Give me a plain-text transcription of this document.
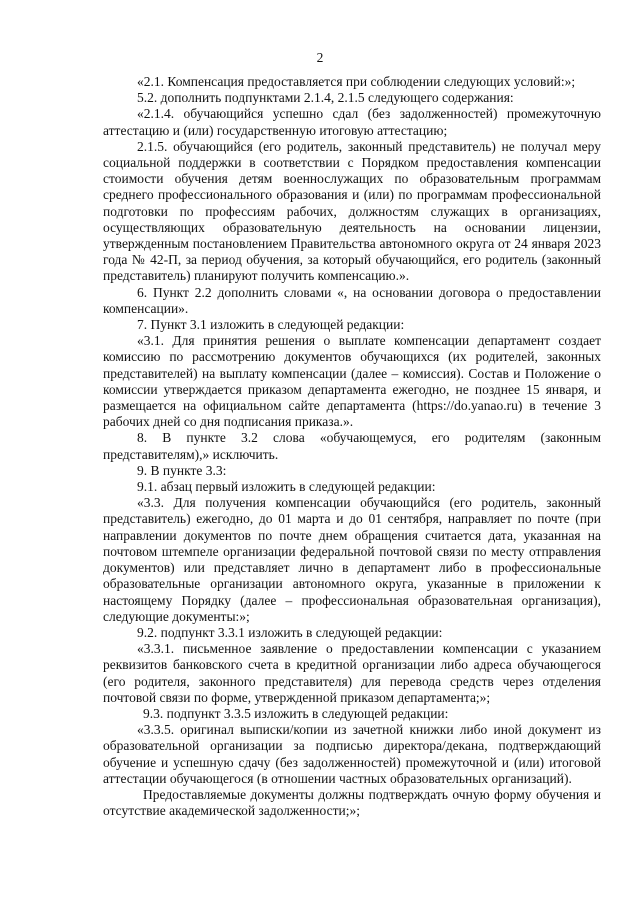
2

«2.1. Компенсация предоставляется при соблюдении следующих условий:»;

5.2. дополнить подпунктами 2.1.4, 2.1.5 следующего содержания:

«2.1.4. обучающийся успешно сдал (без задолженностей) промежуточную аттестацию и (или) государственную итоговую аттестацию;

2.1.5. обучающийся (его родитель, законный представитель) не получал меру социальной поддержки в соответствии с Порядком предоставления компенсации стоимости обучения детям военнослужащих по образовательным программам среднего профессионального образования и (или) по программам профессиональной подготовки по профессиям рабочих, должностям служащих в организациях, осуществляющих образовательную деятельность на основании лицензии, утвержденным постановлением Правительства автономного округа от 24 января 2023 года № 42-П, за период обучения, за который обучающийся, его родитель (законный представитель) планируют получить компенсацию.».

6. Пункт 2.2 дополнить словами «, на основании договора о предоставлении компенсации».

7. Пункт 3.1 изложить в следующей редакции:

«3.1. Для принятия решения о выплате компенсации департамент создает комиссию по рассмотрению документов обучающихся (их родителей, законных представителей) на выплату компенсации (далее – комиссия). Состав и Положение о комиссии утверждается приказом департамента ежегодно, не позднее 15 января, и размещается на официальном сайте департамента (https://do.yanao.ru) в течение 3 рабочих дней со дня подписания приказа.».

8. В пункте 3.2 слова «обучающемуся, его родителям (законным представителям),» исключить.

9. В пункте 3.3:

9.1. абзац первый изложить в следующей редакции:

«3.3. Для получения компенсации обучающийся (его родитель, законный представитель) ежегодно, до 01 марта и до 01 сентября, направляет по почте (при направлении документов по почте днем обращения считается дата, указанная на почтовом штемпеле организации федеральной почтовой связи по месту отправления документов) или представляет лично в департамент либо в профессиональные образовательные организации автономного округа, указанные в приложении к настоящему Порядку (далее – профессиональная образовательная организация), следующие документы:»;

9.2. подпункт 3.3.1 изложить в следующей редакции:

«3.3.1. письменное заявление о предоставлении компенсации с указанием реквизитов банковского счета в кредитной организации либо адреса обучающегося (его родителя, законного представителя) для перевода средств через отделения почтовой связи по форме, утвержденной приказом департамента;»;

9.3. подпункт 3.3.5 изложить в следующей редакции:

«3.3.5. оригинал выписки/копии из зачетной книжки либо иной документ из образовательной организации за подписью директора/декана, подтверждающий обучение и успешную сдачу (без задолженностей) промежуточной и (или) итоговой аттестации обучающегося (в отношении частных образовательных организаций).

Предоставляемые документы должны подтверждать очную форму обучения и отсутствие академической задолженности;»;
